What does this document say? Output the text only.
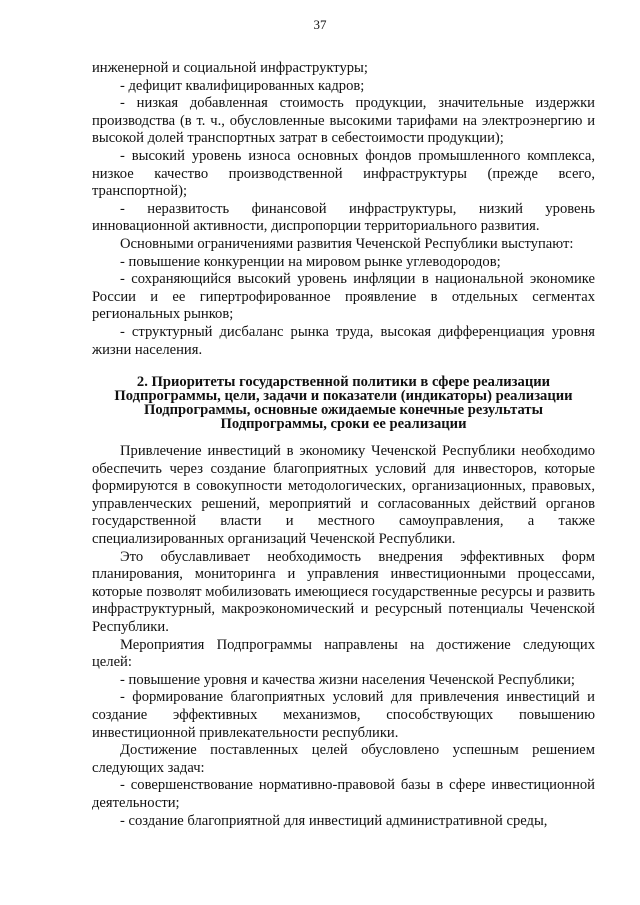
37

инженерной и социальной инфраструктуры;

- дефицит квалифицированных кадров;

- низкая добавленная стоимость продукции, значительные издержки производства (в т. ч., обусловленные высокими тарифами на электроэнергию и высокой долей транспортных затрат в себестоимости продукции);

- высокий уровень износа основных фондов промышленного комплекса, низкое качество производственной инфраструктуры (прежде всего, транспортной);

- неразвитость финансовой инфраструктуры, низкий уровень инновационной активности, диспропорции территориального развития.

Основными ограничениями развития Чеченской Республики выступают:

- повышение конкуренции на мировом рынке углеводородов;

- сохраняющийся высокий уровень инфляции в национальной экономике России и ее гипертрофированное проявление в отдельных сегментах региональных рынков;

- структурный дисбаланс рынка труда, высокая дифференциация уровня жизни населения.

2. Приоритеты государственной политики в сфере реализации
Подпрограммы, цели, задачи и показатели (индикаторы) реализации
Подпрограммы, основные ожидаемые конечные результаты
Подпрограммы, сроки ее реализации

Привлечение инвестиций в экономику Чеченской Республики необходимо обеспечить через создание благоприятных условий для инвесторов, которые формируются в совокупности методологических, организационных, правовых, управленческих решений, мероприятий и согласованных действий органов государственной власти и местного самоуправления, а также специализированных организаций Чеченской Республики.

Это обуславливает необходимость внедрения эффективных форм планирования, мониторинга и управления инвестиционными процессами, которые позволят мобилизовать имеющиеся государственные ресурсы и развить инфраструктурный, макроэкономический и ресурсный потенциалы Чеченской Республики.

Мероприятия Подпрограммы направлены на достижение следующих целей:

- повышение уровня и качества жизни населения Чеченской Республики;

- формирование благоприятных условий для привлечения инвестиций и создание эффективных механизмов, способствующих повышению инвестиционной привлекательности республики.

Достижение поставленных целей обусловлено успешным решением следующих задач:

- совершенствование нормативно-правовой базы в сфере инвестиционной деятельности;

- создание благоприятной для инвестиций административной среды,
